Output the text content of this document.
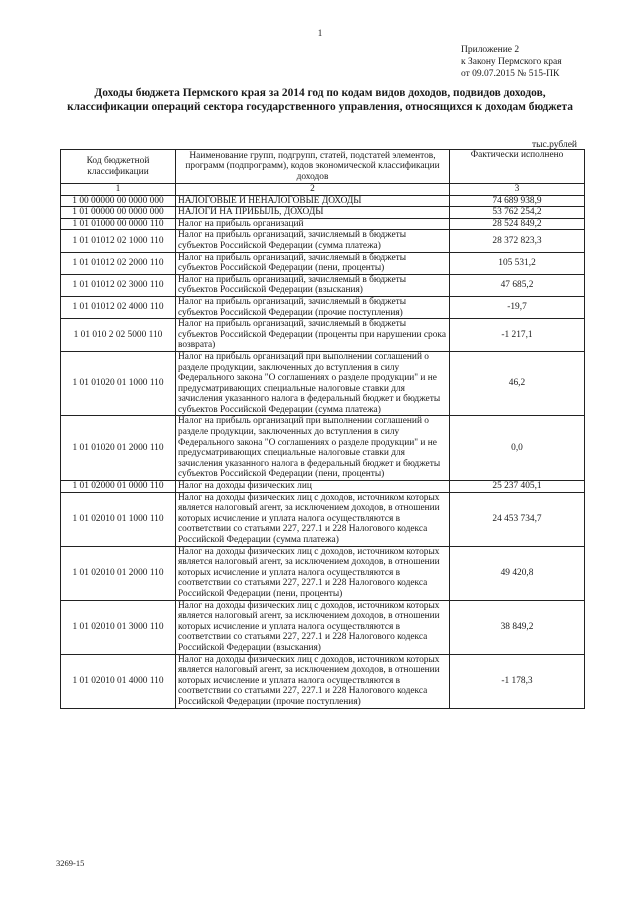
1
Приложение 2
к Закону Пермского края
от 09.07.2015 № 515-ПК
Доходы бюджета Пермского края за 2014 год по кодам видов доходов, подвидов доходов, классификации операций сектора государственного управления, относящихся к доходам бюджета
тыс.рублей
Код бюджетной классификации	Наименование групп, подгрупп, статей, подстатей элементов, программ (подпрограмм), кодов экономической классификации доходов	Фактически исполнено
1	2	3
1 00 00000 00 0000 000	НАЛОГОВЫЕ И НЕНАЛОГОВЫЕ ДОХОДЫ	74 689 938,9
1 01 00000 00 0000 000	НАЛОГИ НА ПРИБЫЛЬ, ДОХОДЫ	53 762 254,2
1 01 01000 00 0000 110	Налог на прибыль организаций	28 524 849,2
1 01 01012 02 1000 110	Налог на прибыль организаций, зачисляемый в бюджеты субъектов Российской Федерации (сумма платежа)	28 372 823,3
1 01 01012 02 2000 110	Налог на прибыль организаций, зачисляемый в бюджеты субъектов Российской Федерации (пени, проценты)	105 531,2
1 01 01012 02 3000 110	Налог на прибыль организаций, зачисляемый в бюджеты субъектов Российской Федерации (взыскания)	47 685,2
1 01 01012 02 4000 110	Налог на прибыль организаций, зачисляемый в бюджеты субъектов Российской Федерации (прочие поступления)	-19,7
1 01 010 2 02 5000 110	Налог на прибыль организаций, зачисляемый в бюджеты субъектов Российской Федерации (проценты при нарушении срока возврата)	-1 217,1
1 01 01020 01 1000 110	Налог на прибыль организаций при выполнении соглашений о разделе продукции, заключенных до вступления в силу Федерального закона "О соглашениях о разделе продукции" и не предусматривающих специальные налоговые ставки для зачисления указанного налога в федеральный бюджет и бюджеты субъектов Российской Федерации (сумма платежа)	46,2
1 01 01020 01 2000 110	Налог на прибыль организаций при выполнении соглашений о разделе продукции, заключенных до вступления в силу Федерального закона "О соглашениях о разделе продукции" и не предусматривающих специальные налоговые ставки для зачисления указанного налога в федеральный бюджет и бюджеты субъектов Российской Федерации (пени, проценты)	0,0
1 01 02000 01 0000 110	Налог на доходы физических лиц	25 237 405,1
1 01 02010 01 1000 110	Налог на доходы физических лиц с доходов, источником которых является налоговый агент, за исключением доходов, в отношении которых исчисление и уплата налога осуществляются в соответствии со статьями 227, 227.1 и 228 Налогового кодекса Российской Федерации (сумма платежа)	24 453 734,7
1 01 02010 01 2000 110	Налог на доходы физических лиц с доходов, источником которых является налоговый агент, за исключением доходов, в отношении которых исчисление и уплата налога осуществляются в соответствии со статьями 227, 227.1 и 228 Налогового кодекса Российской Федерации (пени, проценты)	49 420,8
1 01 02010 01 3000 110	Налог на доходы физических лиц с доходов, источником которых является налоговый агент, за исключением доходов, в отношении которых исчисление и уплата налога осуществляются в соответствии со статьями 227, 227.1 и 228 Налогового кодекса Российской Федерации (взыскания)	38 849,2
1 01 02010 01 4000 110	Налог на доходы физических лиц с доходов, источником которых является налоговый агент, за исключением доходов, в отношении которых исчисление и уплата налога осуществляются в соответствии со статьями 227, 227.1 и 228 Налогового кодекса Российской Федерации (прочие поступления)	-1 178,3
3269-15
